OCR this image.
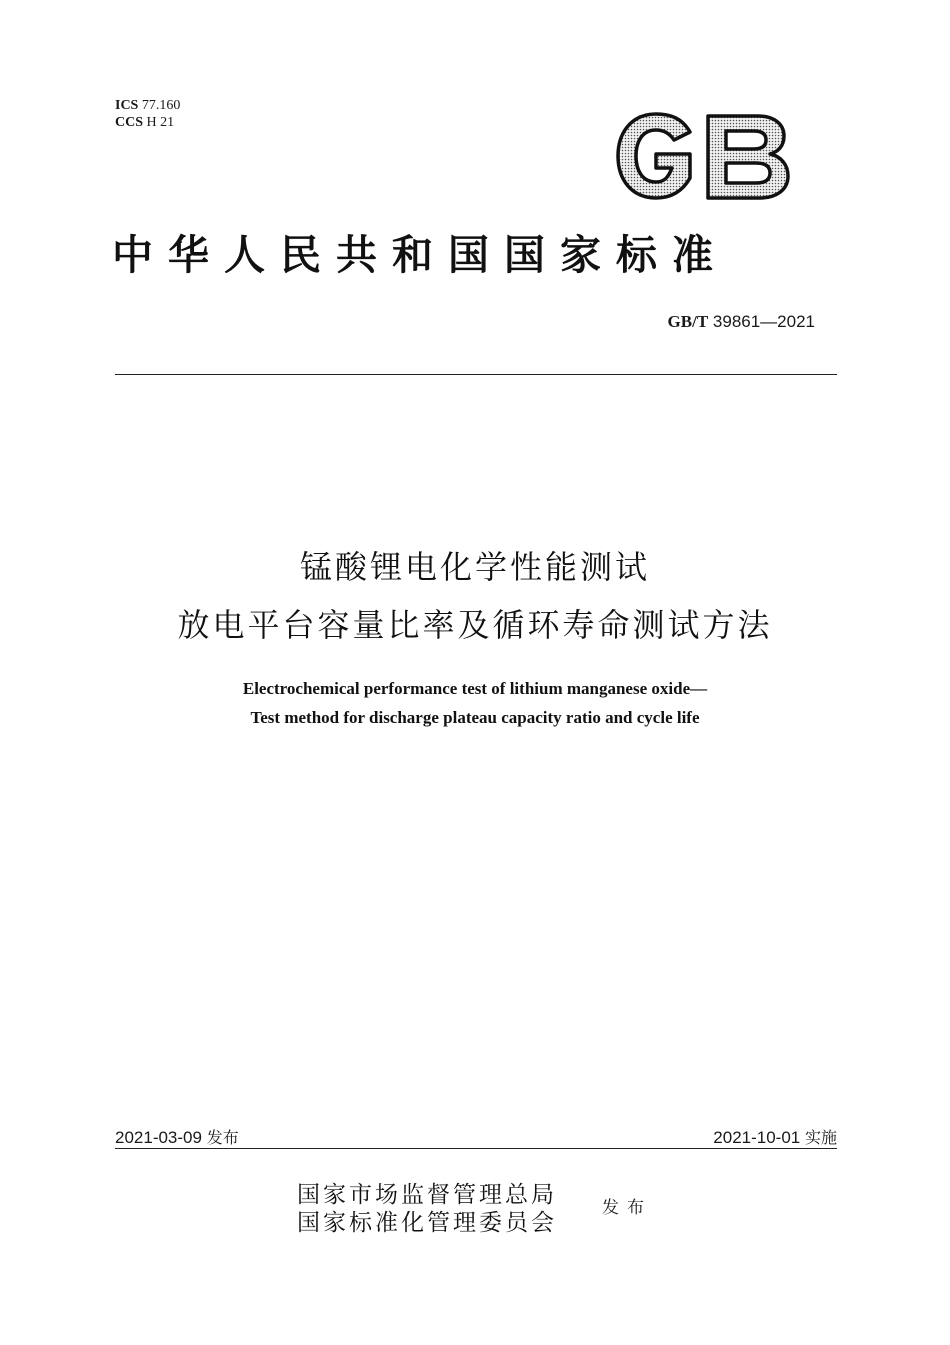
ICS 77.160
CCS H 21
中华人民共和国国家标准
GB/T 39861—2021
锰酸锂电化学性能测试
放电平台容量比率及循环寿命测试方法
Electrochemical performance test of lithium manganese oxide—
Test method for discharge plateau capacity ratio and cycle life
2021-03-09 发布	2021-10-01 实施
国家市场监督管理总局
国家标准化管理委员会
发布
